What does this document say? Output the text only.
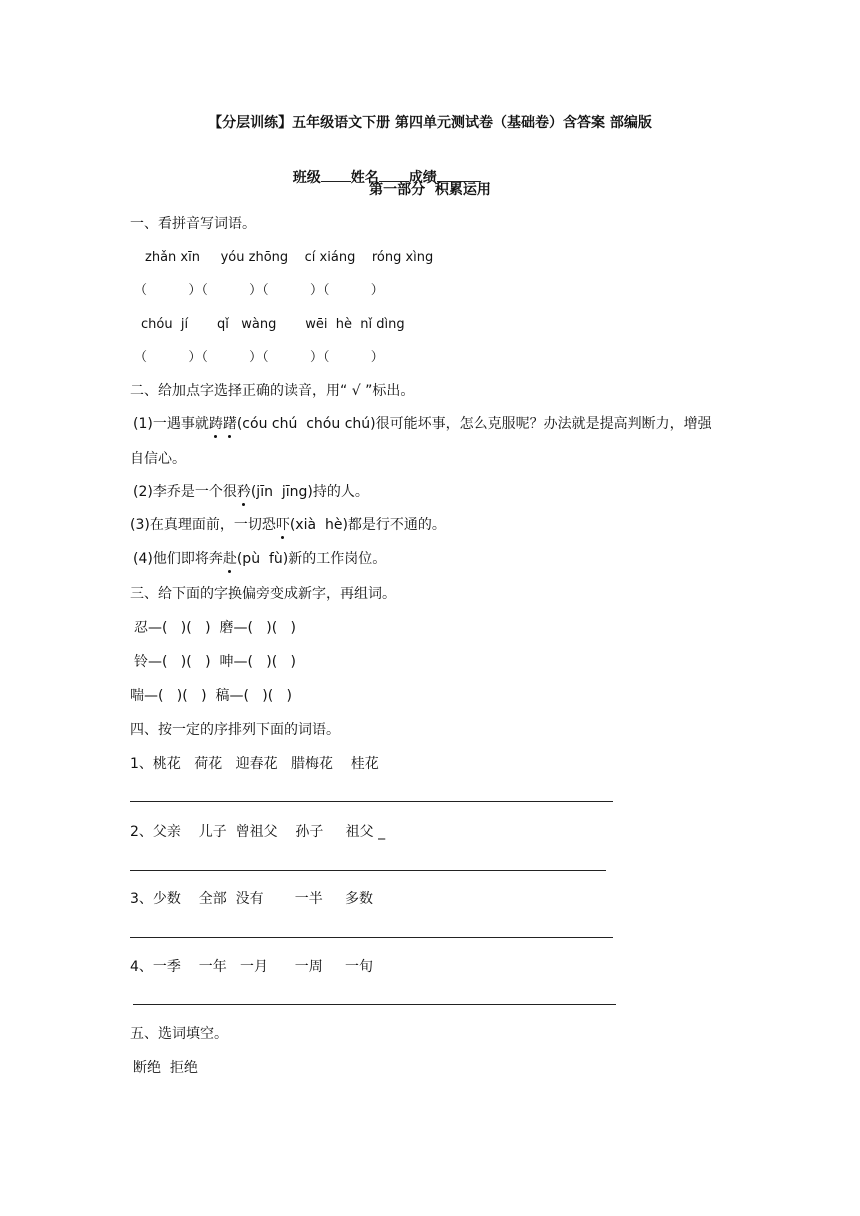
【分层训练】五年级语文下册 第四单元测试卷（基础卷）含答案 部编版

班级 姓名 成绩

第一部分  积累运用
一、看拼音写词语。
zhǎn xīn     yóu zhōng    cí xiáng    róng xìng
（          ）（          ）（          ）（          ）
chóu  jí       qǐ   wàng       wēi  hè  nǐ dìng
（          ）（          ）（          ）（          ）
二、给加点字选择正确的读音，用“ √ ”标出。
(1)一遇事就踌躇(cóu chú  chóu chú)很可能坏事，怎么克服呢？办法就是提高判断力，增强
自信心。
(2)李乔是一个很矜(jīn  jīng)持的人。
(3)在真理面前，一切恐吓(xià  hè)都是行不通的。
(4)他们即将奔赴(pù  fù)新的工作岗位。
三、给下面的字换偏旁变成新字，再组词。
忍—(   )(   )  磨—(   )(   )
铃—(   )(   )  呻—(   )(   )
喘—(   )(   )  稿—(   )(   )
四、按一定的序排列下面的词语。
1、桃花   荷花   迎春花   腊梅花    桂花
2、父亲    儿子  曾祖父    孙子     祖父 _
3、少数    全部  没有       一半     多数
4、一季    一年   一月      一周     一旬
五、选词填空。
断绝  拒绝
